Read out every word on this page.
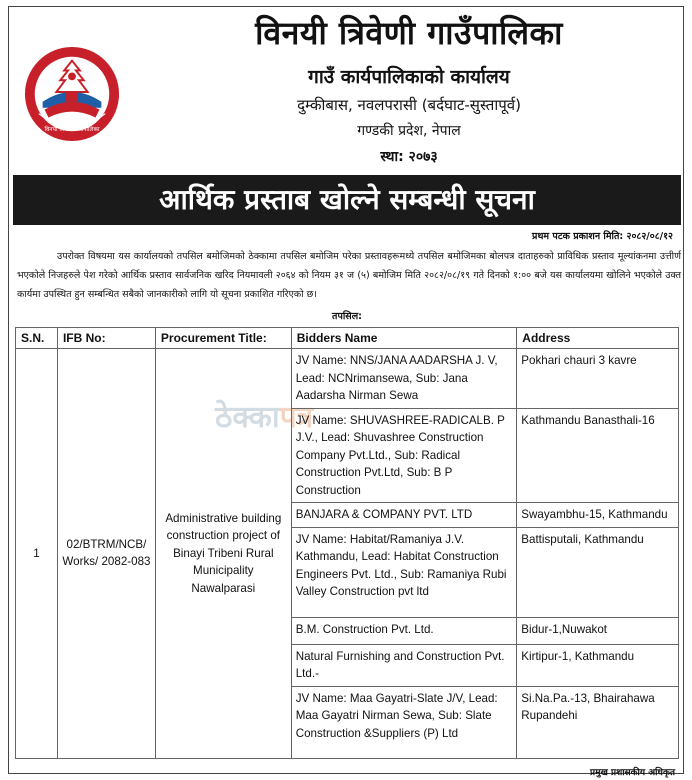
विनयी त्रिवेणी गाउँपालिका
विनयी त्रिवेणी गाउँपालिका
गाउँ कार्यपालिकाको कार्यालय
दुम्कीबास, नवलपरासी (बर्दघाट-सुस्तापूर्व)
गण्डकी प्रदेश, नेपाल
स्था: २०७३
आर्थिक प्रस्ताब खोल्ने सम्बन्धी सूचना
प्रथम पटक प्रकाशन मिति: २०८२/०८/१२
उपरोक्त विषयमा यस कार्यालयको तपसिल बमोजिमको ठेक्कामा तपसिल बमोजिम परेका प्रस्तावहरूमध्ये तपसिल बमोजिमका बोलपत्र दाताहरुको प्राविधिक प्रस्ताव मूल्यांकनमा उत्तीर्ण भएकोले निजहरुले पेश गरेको आर्थिक प्रस्ताव सार्वजनिक खरिद नियमावली २०६४ को नियम ३१ ज (५) बमोजिम मिति २०८२/०८/१९ गते दिनको १:०० बजे यस कार्यालयमा खोलिने भएकोले उक्त कार्यमा उपस्थित हुन सम्बन्धित सबैको जानकारीको लागि यो सूचना प्रकाशित गरिएको छ।
तपसिल:
ठेक्कापत्र
S.N.	IFB No:	Procurement Title:	Bidders Name	Address
1	02/BTRM/NCB/ Works/ 2082-083	Administrative building construction project of Binayi Tribeni Rural Municipality Nawalparasi	JV Name: NNS/JANA AADARSHA J. V, Lead: NCNrimansewa, Sub: Jana Aadarsha Nirman Sewa	Pokhari chauri 3 kavre
			JV Name: SHUVASHREE-RADICALB. P J.V., Lead: Shuvashree Construction Company Pvt.Ltd., Sub: Radical Construction Pvt.Ltd, Sub: B P Construction	Kathmandu Banasthali-16
			BANJARA & COMPANY PVT. LTD	Swayambhu-15, Kathmandu
			JV Name: Habitat/Ramaniya J.V. Kathmandu, Lead: Habitat Construction Engineers Pvt. Ltd., Sub: Ramaniya Rubi Valley Construction pvt ltd	Battisputali, Kathmandu
			B.M. Construction Pvt. Ltd.	Bidur-1,Nuwakot
			Natural Furnishing and Construction Pvt. Ltd.-	Kirtipur-1, Kathmandu
			JV Name: Maa Gayatri-Slate J/V, Lead: Maa Gayatri Nirman Sewa, Sub: Slate Construction &Suppliers (P) Ltd	Si.Na.Pa.-13, Bhairahawa Rupandehi
प्रमुख प्रशासकीय अधिकृत
